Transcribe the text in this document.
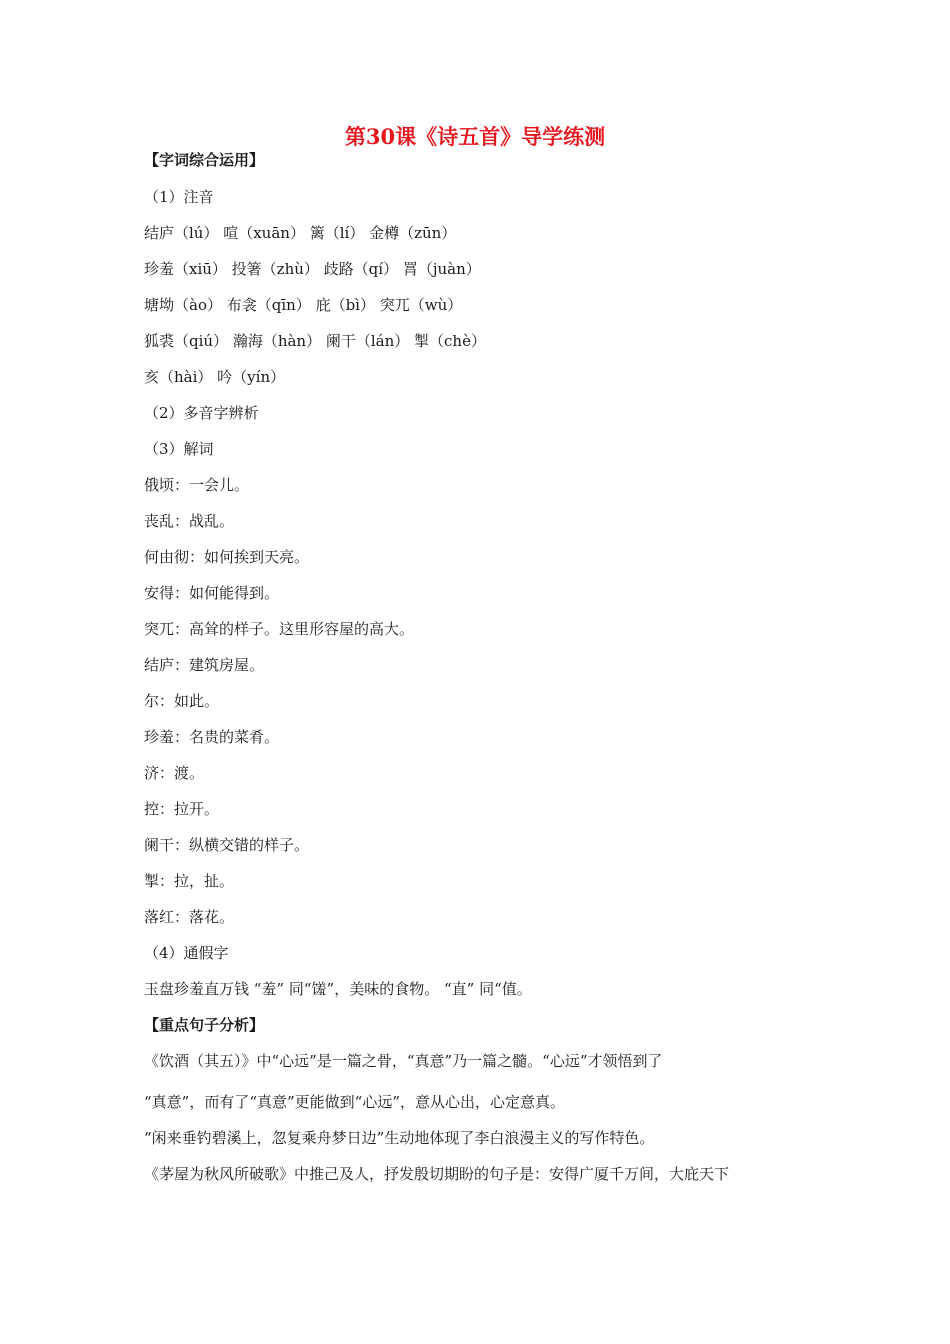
第30课《诗五首》导学练测
【字词综合运用】
（1）注音
结庐（lú） 喧（xuān） 篱（lí） 金樽（zūn）
珍羞（xiū） 投箸（zhù） 歧路（qí） 罥（juàn）
塘坳（ào） 布衾（qīn） 庇（bì） 突兀（wù）
狐裘（qiú） 瀚海（hàn） 阑干（lán） 掣（chè）
亥（hài） 吟（yín）
（2）多音字辨析
（3）解词
俄顷：一会儿。
丧乱：战乱。
何由彻：如何挨到天亮。
安得：如何能得到。
突兀：高耸的样子。这里形容屋的高大。
结庐：建筑房屋。
尔：如此。
珍羞：名贵的菜肴。
济：渡。
控：拉开。
阑干：纵横交错的样子。
掣：拉，扯。
落红：落花。
（4）通假字
玉盘珍羞直万钱 “羞” 同“馐”，美味的食物。 “直” 同“值。
【重点句子分析】
《饮酒（其五）》中“心远”是一篇之骨，“真意”乃一篇之髓。“心远”才领悟到了
“真意”，而有了“真意”更能做到“心远”，意从心出，心定意真。
“闲来垂钓碧溪上，忽复乘舟梦日边”生动地体现了李白浪漫主义的写作特色。
《茅屋为秋风所破歌》中推己及人，抒发殷切期盼的句子是：安得广厦千万间，大庇天下
